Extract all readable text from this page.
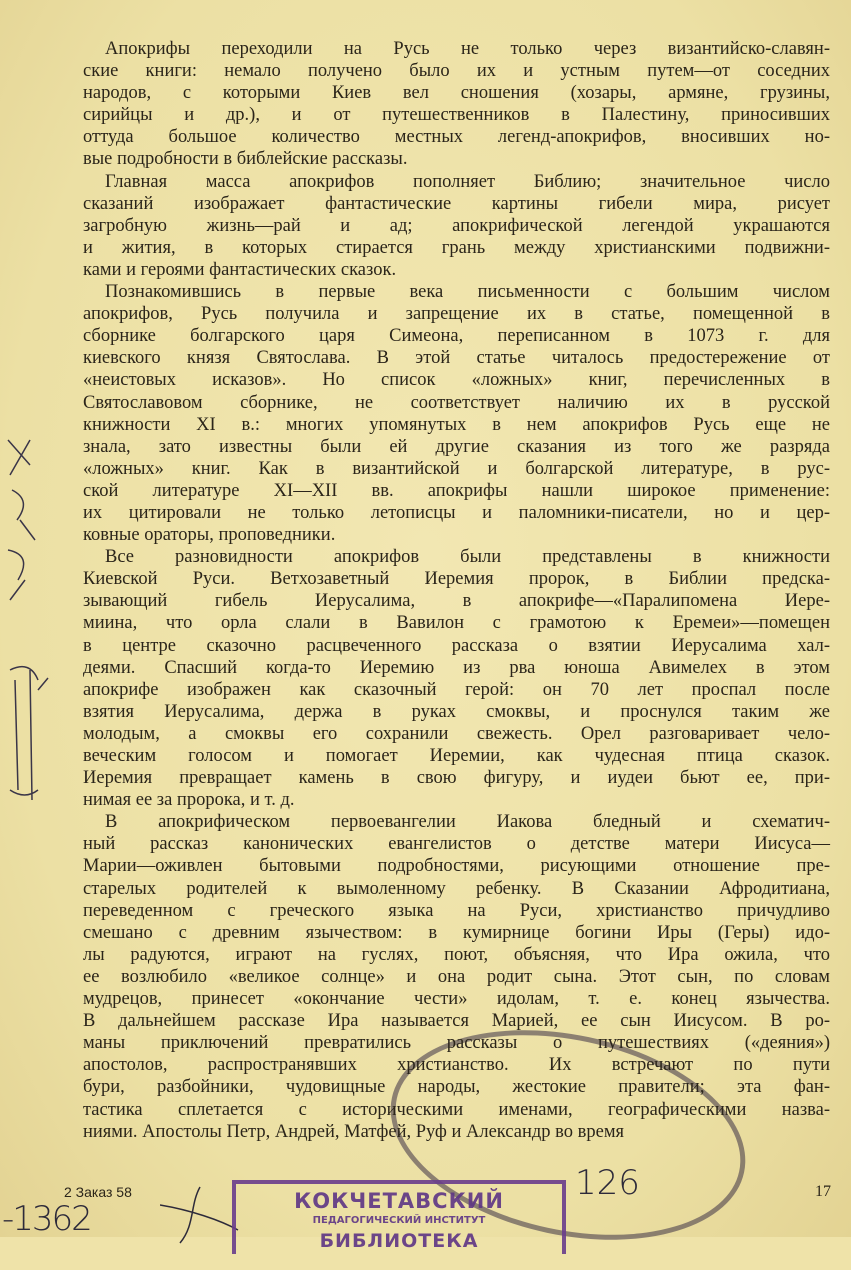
Апокрифы переходили на Русь не только через византийско-славян-
ские книги: немало получено было их и устным путем—от соседних
народов, с которыми Киев вел сношения (хозары, армяне, грузины,
сирийцы и др.), и от путешественников в Палестину, приносивших
оттуда большое количество местных легенд-апокрифов, вносивших но-
вые подробности в библейские рассказы.
Главная масса апокрифов пополняет Библию; значительное число
сказаний изображает фантастические картины гибели мира, рисует
загробную жизнь—рай и ад; апокрифической легендой украшаются
и жития, в которых стирается грань между христианскими подвижни-
ками и героями фантастических сказок.
Познакомившись в первые века письменности с большим числом
апокрифов, Русь получила и запрещение их в статье, помещенной в
сборнике болгарского царя Симеона, переписанном в 1073 г. для
киевского князя Святослава. В этой статье читалось предостережение от
«неистовых исказов». Но список «ложных» книг, перечисленных в
Святославовом сборнике, не соответствует наличию их в русской
книжности XI в.: многих упомянутых в нем апокрифов Русь еще не
знала, зато известны были ей другие сказания из того же разряда
«ложных» книг. Как в византийской и болгарской литературе, в рус-
ской литературе XI—XII вв. апокрифы нашли широкое применение:
их цитировали не только летописцы и паломники-писатели, но и цер-
ковные ораторы, проповедники.
Все разновидности апокрифов были представлены в книжности
Киевской Руси. Ветхозаветный Иеремия пророк, в Библии предска-
зывающий гибель Иерусалима, в апокрифе—«Паралипомена Иере-
миина, что орла слали в Вавилон с грамотою к Еремеи»—помещен
в центре сказочно расцвеченного рассказа о взятии Иерусалима хал-
деями. Спасший когда-то Иеремию из рва юноша Авимелех в этом
апокрифе изображен как сказочный герой: он 70 лет проспал после
взятия Иерусалима, держа в руках смоквы, и проснулся таким же
молодым, а смоквы его сохранили свежесть. Орел разговаривает чело-
веческим голосом и помогает Иеремии, как чудесная птица сказок.
Иеремия превращает камень в свою фигуру, и иудеи бьют ее, при-
нимая ее за пророка, и т. д.
В апокрифическом первоевангелии Иакова бледный и схематич-
ный рассказ канонических евангелистов о детстве матери Иисуса—
Марии—оживлен бытовыми подробностями, рисующими отношение пре-
старелых родителей к вымоленному ребенку. В Сказании Афродитиана,
переведенном с греческого языка на Руси, христианство причудливо
смешано с древним язычеством: в кумирнице богини Иры (Геры) идо-
лы радуются, играют на гуслях, поют, объясняя, что Ира ожила, что
ее возлюбило «великое солнце» и она родит сына. Этот сын, по словам
мудрецов, принесет «окончание чести» идолам, т. е. конец язычества.
В дальнейшем рассказе Ира называется Марией, ее сын Иисусом. В ро-
маны приключений превратились рассказы о путешествиях («деяния»)
апостолов, распространявших христианство. Их встречают по пути
бури, разбойники, чудовищные народы, жестокие правители; эта фан-
тастика сплетается с историческими именами, географическими назва-
ниями. Апостолы Петр, Андрей, Матфей, Руф и Александр во время
2 Заказ 58	17
-1362
126
КОКЧЕТАВСКИЙ
ПЕДАГОГИЧЕСКИЙ ИНСТИТУТ
БИБЛИОТЕКА
